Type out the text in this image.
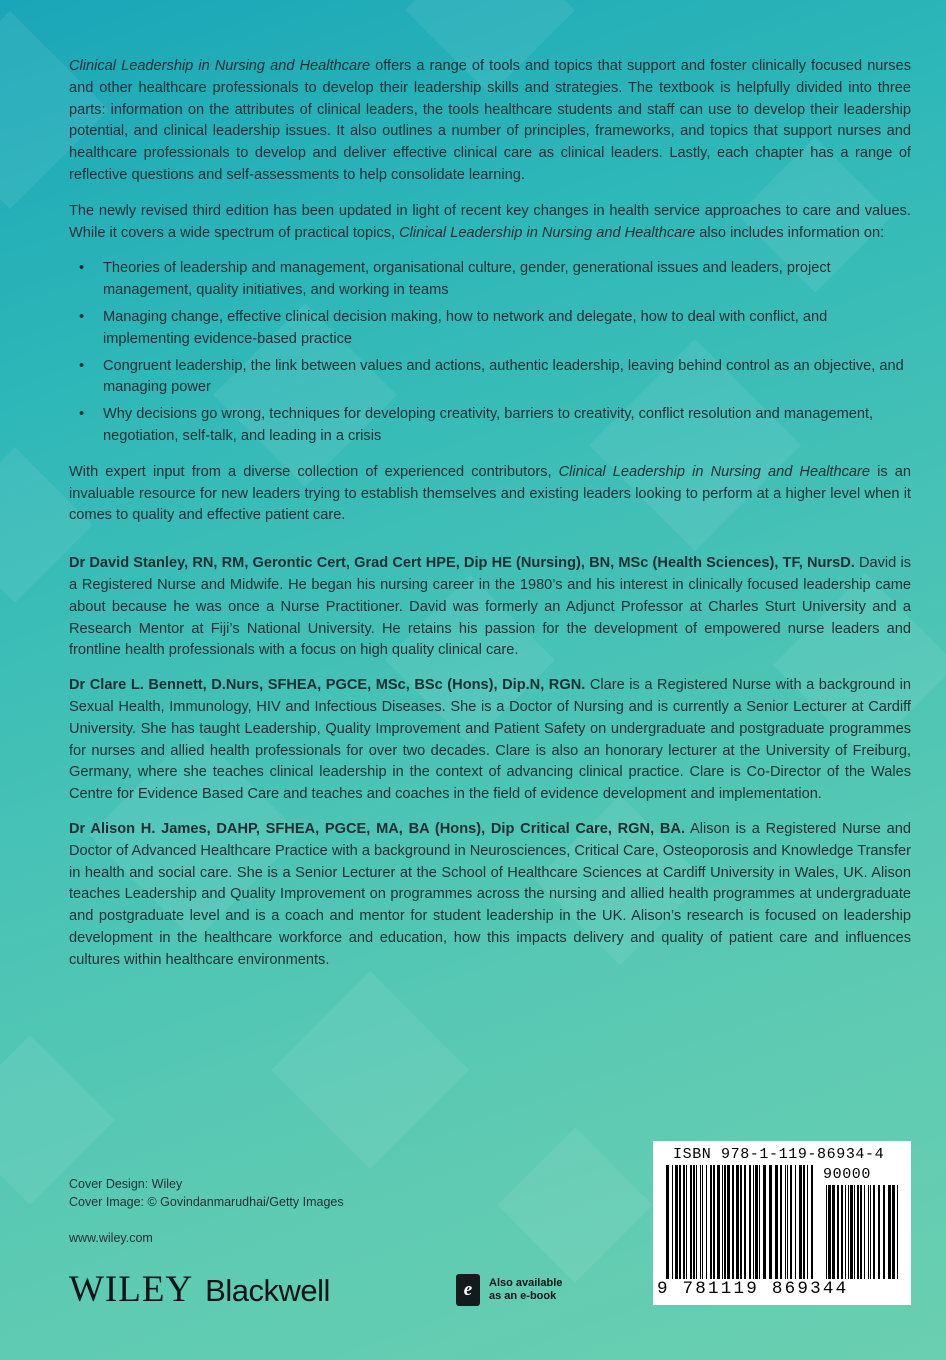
Clinical Leadership in Nursing and Healthcare offers a range of tools and topics that support and foster clinically focused nurses and other healthcare professionals to develop their leadership skills and strategies. The textbook is helpfully divided into three parts: information on the attributes of clinical leaders, the tools healthcare students and staff can use to develop their leadership potential, and clinical leadership issues. It also outlines a number of principles, frameworks, and topics that support nurses and healthcare professionals to develop and deliver effective clinical care as clinical leaders. Lastly, each chapter has a range of reflective questions and self-assessments to help consolidate learning.

The newly revised third edition has been updated in light of recent key changes in health service approaches to care and values. While it covers a wide spectrum of practical topics, Clinical Leadership in Nursing and Healthcare also includes information on:

• Theories of leadership and management, organisational culture, gender, generational issues and leaders, project management, quality initiatives, and working in teams
• Managing change, effective clinical decision making, how to network and delegate, how to deal with conflict, and implementing evidence-based practice
• Congruent leadership, the link between values and actions, authentic leadership, leaving behind control as an objective, and managing power
• Why decisions go wrong, techniques for developing creativity, barriers to creativity, conflict resolution and management, negotiation, self-talk, and leading in a crisis

With expert input from a diverse collection of experienced contributors, Clinical Leadership in Nursing and Healthcare is an invaluable resource for new leaders trying to establish themselves and existing leaders looking to perform at a higher level when it comes to quality and effective patient care.

Dr David Stanley, RN, RM, Gerontic Cert, Grad Cert HPE, Dip HE (Nursing), BN, MSc (Health Sciences), TF, NursD. David is a Registered Nurse and Midwife. He began his nursing career in the 1980’s and his interest in clinically focused leadership came about because he was once a Nurse Practitioner. David was formerly an Adjunct Professor at Charles Sturt University and a Research Mentor at Fiji’s National University. He retains his passion for the development of empowered nurse leaders and frontline health professionals with a focus on high quality clinical care.

Dr Clare L. Bennett, D.Nurs, SFHEA, PGCE, MSc, BSc (Hons), Dip.N, RGN. Clare is a Registered Nurse with a background in Sexual Health, Immunology, HIV and Infectious Diseases. She is a Doctor of Nursing and is currently a Senior Lecturer at Cardiff University. She has taught Leadership, Quality Improvement and Patient Safety on undergraduate and postgraduate programmes for nurses and allied health professionals for over two decades. Clare is also an honorary lecturer at the University of Freiburg, Germany, where she teaches clinical leadership in the context of advancing clinical practice. Clare is Co-Director of the Wales Centre for Evidence Based Care and teaches and coaches in the field of evidence development and implementation.

Dr Alison H. James, DAHP, SFHEA, PGCE, MA, BA (Hons), Dip Critical Care, RGN, BA. Alison is a Registered Nurse and Doctor of Advanced Healthcare Practice with a background in Neurosciences, Critical Care, Osteoporosis and Knowledge Transfer in health and social care. She is a Senior Lecturer at the School of Healthcare Sciences at Cardiff University in Wales, UK. Alison teaches Leadership and Quality Improvement on programmes across the nursing and allied health programmes at undergraduate and postgraduate level and is a coach and mentor for student leadership in the UK. Alison’s research is focused on leadership development in the healthcare workforce and education, how this impacts delivery and quality of patient care and influences cultures within healthcare environments.

Cover Design: Wiley
Cover Image: © Govindanmarudhai/Getty Images
www.wiley.com
WILEY Blackwell	e	Also available
as an e-book
ISBN 978-1-119-86934-4
90000
9 781119 869344
